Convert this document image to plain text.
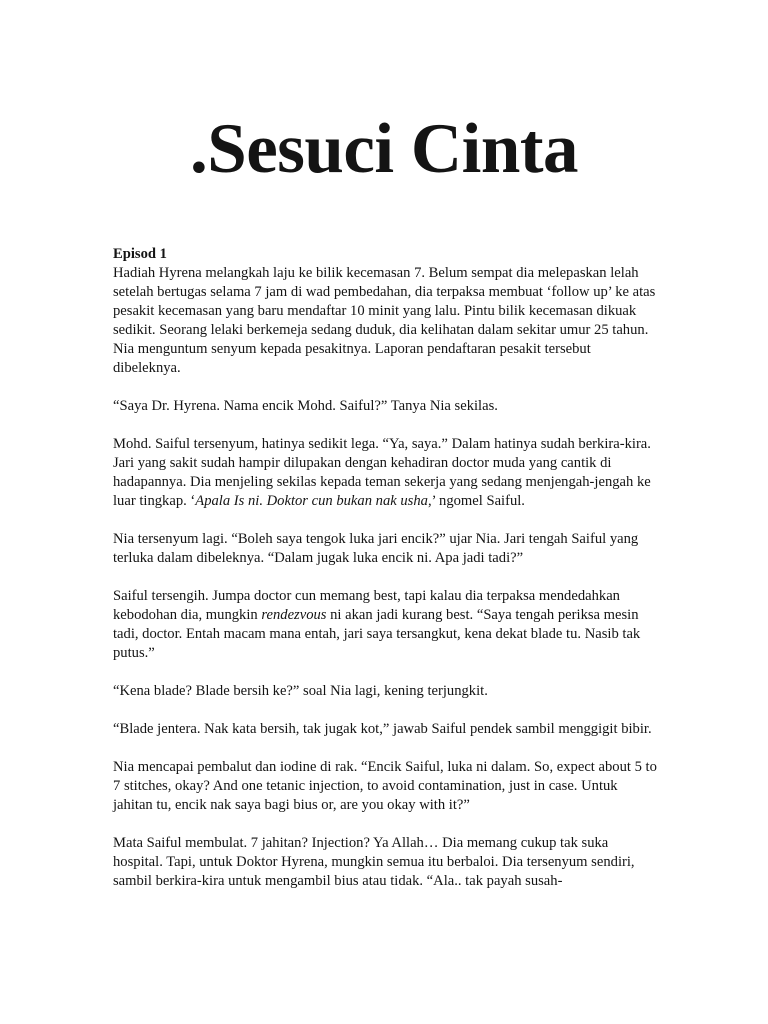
.Sesuci Cinta

Episod 1

Hadiah Hyrena melangkah laju ke bilik kecemasan 7. Belum sempat dia melepaskan lelah setelah bertugas selama 7 jam di wad pembedahan, dia terpaksa membuat ‘follow up’ ke atas pesakit kecemasan yang baru mendaftar 10 minit yang lalu. Pintu bilik kecemasan dikuak sedikit. Seorang lelaki berkemeja sedang duduk, dia kelihatan dalam sekitar umur 25 tahun. Nia menguntum senyum kepada pesakitnya. Laporan pendaftaran pesakit tersebut dibeleknya.

“Saya Dr. Hyrena. Nama encik Mohd. Saiful?” Tanya Nia sekilas.

Mohd. Saiful tersenyum, hatinya sedikit lega. “Ya, saya.” Dalam hatinya sudah berkira-kira. Jari yang sakit sudah hampir dilupakan dengan kehadiran doctor muda yang cantik di hadapannya. Dia menjeling sekilas kepada teman sekerja yang sedang menjengah-jengah ke luar tingkap. ‘Apala Is ni. Doktor cun bukan nak usha,’ ngomel Saiful.

Nia tersenyum lagi. “Boleh saya tengok luka jari encik?” ujar Nia. Jari tengah Saiful yang terluka dalam dibeleknya. “Dalam jugak luka encik ni. Apa jadi tadi?”

Saiful tersengih. Jumpa doctor cun memang best, tapi kalau dia terpaksa mendedahkan kebodohan dia, mungkin rendezvous ni akan jadi kurang best. “Saya tengah periksa mesin tadi, doctor. Entah macam mana entah, jari saya tersangkut, kena dekat blade tu. Nasib tak putus.”

“Kena blade? Blade bersih ke?” soal Nia lagi, kening terjungkit.

“Blade jentera. Nak kata bersih, tak jugak kot,” jawab Saiful pendek sambil menggigit bibir.

Nia mencapai pembalut dan iodine di rak. “Encik Saiful, luka ni dalam. So, expect about 5 to 7 stitches, okay? And one tetanic injection, to avoid contamination, just in case. Untuk jahitan tu, encik nak saya bagi bius or, are you okay with it?”

Mata Saiful membulat. 7 jahitan? Injection? Ya Allah… Dia memang cukup tak suka hospital. Tapi, untuk Doktor Hyrena, mungkin semua itu berbaloi. Dia tersenyum sendiri, sambil berkira-kira untuk mengambil bius atau tidak. “Ala.. tak payah susah-
